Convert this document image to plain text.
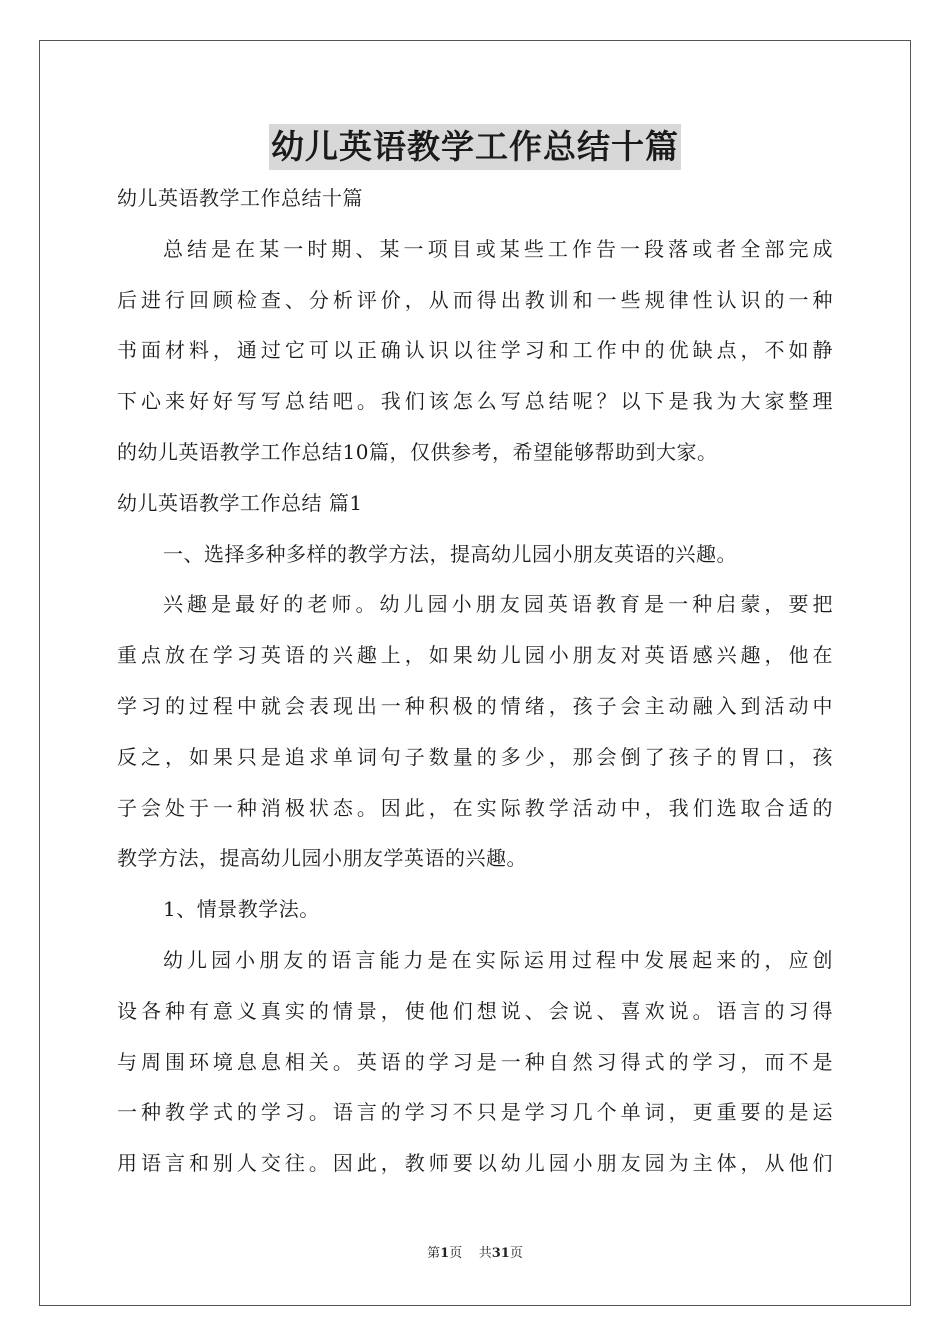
幼儿英语教学工作总结十篇
幼儿英语教学工作总结十篇
总结是在某一时期、某一项目或某些工作告一段落或者全部完成
后进行回顾检查、分析评价，从而得出教训和一些规律性认识的一种
书面材料，通过它可以正确认识以往学习和工作中的优缺点，不如静
下心来好好写写总结吧。我们该怎么写总结呢？以下是我为大家整理
的幼儿英语教学工作总结10篇，仅供参考，希望能够帮助到大家。
幼儿英语教学工作总结 篇1
一、选择多种多样的教学方法，提高幼儿园小朋友英语的兴趣。
兴趣是最好的老师。幼儿园小朋友园英语教育是一种启蒙，要把
重点放在学习英语的兴趣上，如果幼儿园小朋友对英语感兴趣，他在
学习的过程中就会表现出一种积极的情绪，孩子会主动融入到活动中
反之，如果只是追求单词句子数量的多少，那会倒了孩子的胃口，孩
子会处于一种消极状态。因此，在实际教学活动中，我们选取合适的
教学方法，提高幼儿园小朋友学英语的兴趣。
1、情景教学法。
幼儿园小朋友的语言能力是在实际运用过程中发展起来的，应创
设各种有意义真实的情景，使他们想说、会说、喜欢说。语言的习得
与周围环境息息相关。英语的学习是一种自然习得式的学习，而不是
一种教学式的学习。语言的学习不只是学习几个单词，更重要的是运
用语言和别人交往。因此，教师要以幼儿园小朋友园为主体，从他们
第1页 共31页
